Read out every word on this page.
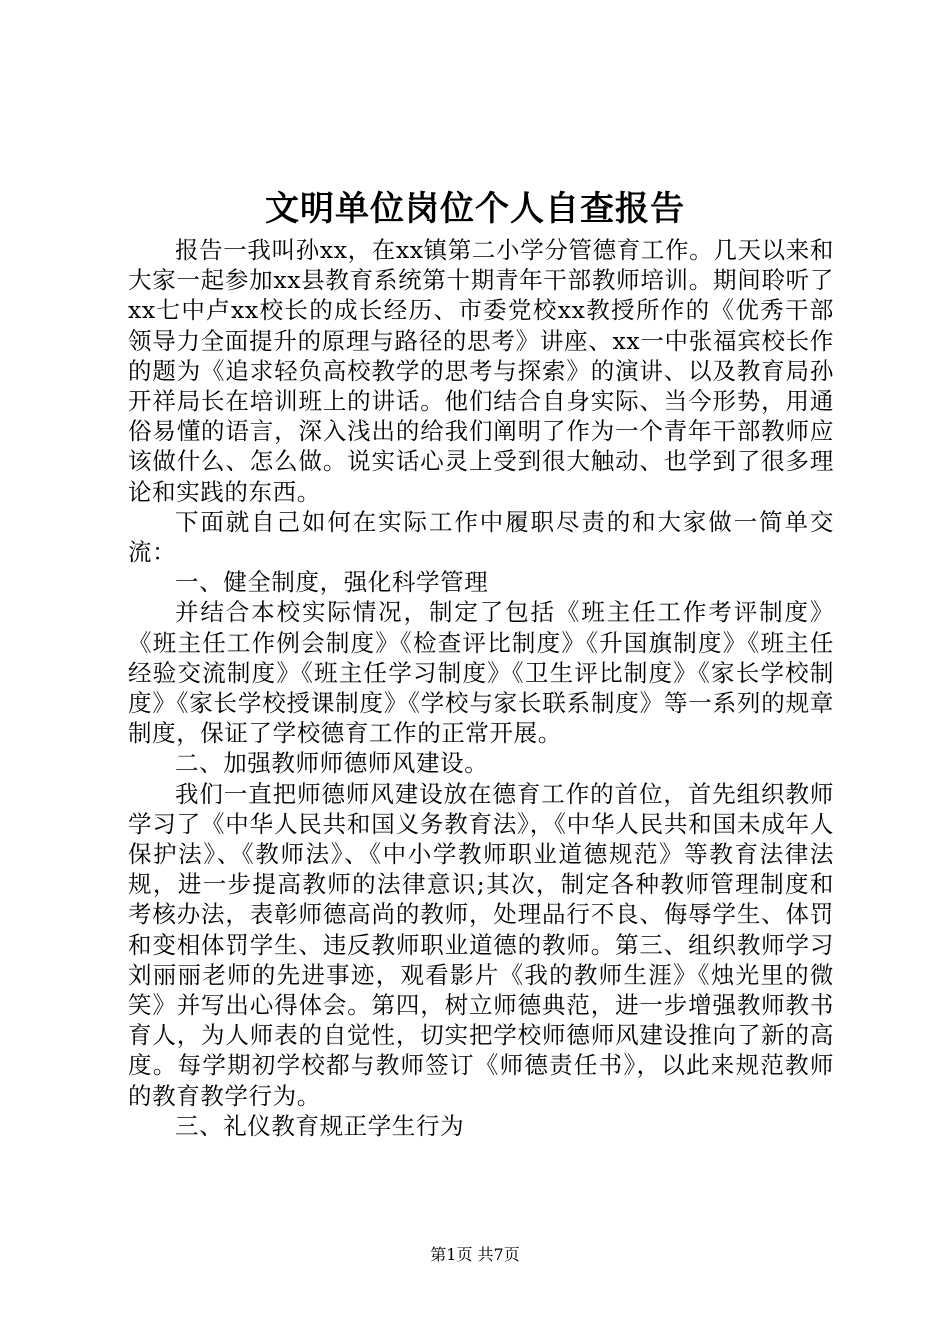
文明单位岗位个人自查报告

报告一我叫孙xx，在xx镇第二小学分管德育工作。几天以来和大家一起参加xx县教育系统第十期青年干部教师培训。期间聆听了xx七中卢xx校长的成长经历、市委党校xx教授所作的《优秀干部领导力全面提升的原理与路径的思考》讲座、xx一中张福宾校长作的题为《追求轻负高校教学的思考与探索》的演讲、以及教育局孙开祥局长在培训班上的讲话。他们结合自身实际、当今形势，用通俗易懂的语言，深入浅出的给我们阐明了作为一个青年干部教师应该做什么、怎么做。说实话心灵上受到很大触动、也学到了很多理论和实践的东西。

下面就自己如何在实际工作中履职尽责的和大家做一简单交流：

一、健全制度，强化科学管理

并结合本校实际情况，制定了包括《班主任工作考评制度》《班主任工作例会制度》《检查评比制度》《升国旗制度》《班主任经验交流制度》《班主任学习制度》《卫生评比制度》《家长学校制度》《家长学校授课制度》《学校与家长联系制度》等一系列的规章制度，保证了学校德育工作的正常开展。

二、加强教师师德师风建设。

我们一直把师德师风建设放在德育工作的首位，首先组织教师学习了《中华人民共和国义务教育法》，《中华人民共和国未成年人保护法》、《教师法》、《中小学教师职业道德规范》等教育法律法规，进一步提高教师的法律意识;其次，制定各种教师管理制度和考核办法，表彰师德高尚的教师，处理品行不良、侮辱学生、体罚和变相体罚学生、违反教师职业道德的教师。第三、组织教师学习刘丽丽老师的先进事迹，观看影片《我的教师生涯》《烛光里的微笑》并写出心得体会。第四，树立师德典范，进一步增强教师教书育人，为人师表的自觉性，切实把学校师德师风建设推向了新的高度。每学期初学校都与教师签订《师德责任书》，以此来规范教师的教育教学行为。

三、礼仪教育规正学生行为

第1页 共7页
